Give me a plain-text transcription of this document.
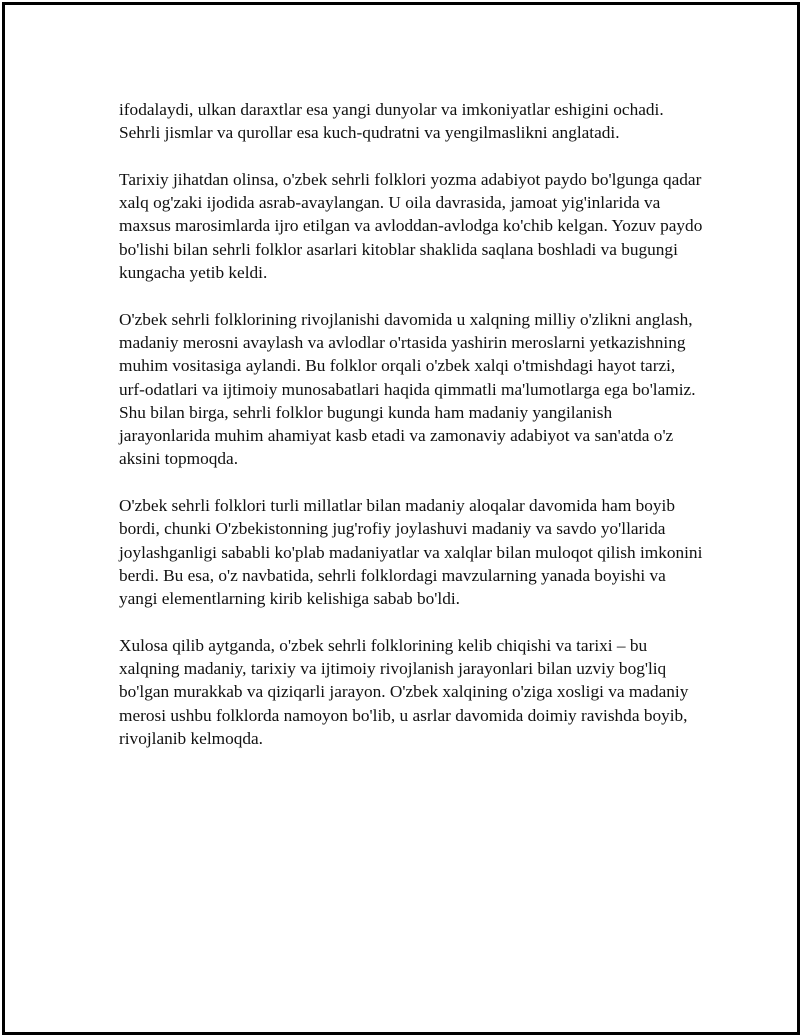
ifodalaydi, ulkan daraxtlar esa yangi dunyolar va imkoniyatlar eshigini ochadi. Sehrli jismlar va qurollar esa kuch-qudratni va yengilmaslikni anglatadi.

Tarixiy jihatdan olinsa, o'zbek sehrli folklori yozma adabiyot paydo bo'lgunga qadar xalq og'zaki ijodida asrab-avaylangan. U oila davrasida, jamoat yig'inlarida va maxsus marosimlarda ijro etilgan va avloddan-avlodga ko'chib kelgan. Yozuv paydo bo'lishi bilan sehrli folklor asarlari kitoblar shaklida saqlana boshladi va bugungi kungacha yetib keldi.

O'zbek sehrli folklorining rivojlanishi davomida u xalqning milliy o'zlikni anglash, madaniy merosni avaylash va avlodlar o'rtasida yashirin meroslarni yetkazishning muhim vositasiga aylandi. Bu folklor orqali o'zbek xalqi o'tmishdagi hayot tarzi, urf-odatlari va ijtimoiy munosabatlari haqida qimmatli ma'lumotlarga ega bo'lamiz. Shu bilan birga, sehrli folklor bugungi kunda ham madaniy yangilanish jarayonlarida muhim ahamiyat kasb etadi va zamonaviy adabiyot va san'atda o'z aksini topmoqda.

O'zbek sehrli folklori turli millatlar bilan madaniy aloqalar davomida ham boyib bordi, chunki O'zbekistonning jug'rofiy joylashuvi madaniy va savdo yo'llarida joylashganligi sababli ko'plab madaniyatlar va xalqlar bilan muloqot qilish imkonini berdi. Bu esa, o'z navbatida, sehrli folklordagi mavzularning yanada boyishi va yangi elementlarning kirib kelishiga sabab bo'ldi.

Xulosa qilib aytganda, o'zbek sehrli folklorining kelib chiqishi va tarixi – bu xalqning madaniy, tarixiy va ijtimoiy rivojlanish jarayonlari bilan uzviy bog'liq bo'lgan murakkab va qiziqarli jarayon. O'zbek xalqining o'ziga xosligi va madaniy merosi ushbu folklorda namoyon bo'lib, u asrlar davomida doimiy ravishda boyib, rivojlanib kelmoqda.
